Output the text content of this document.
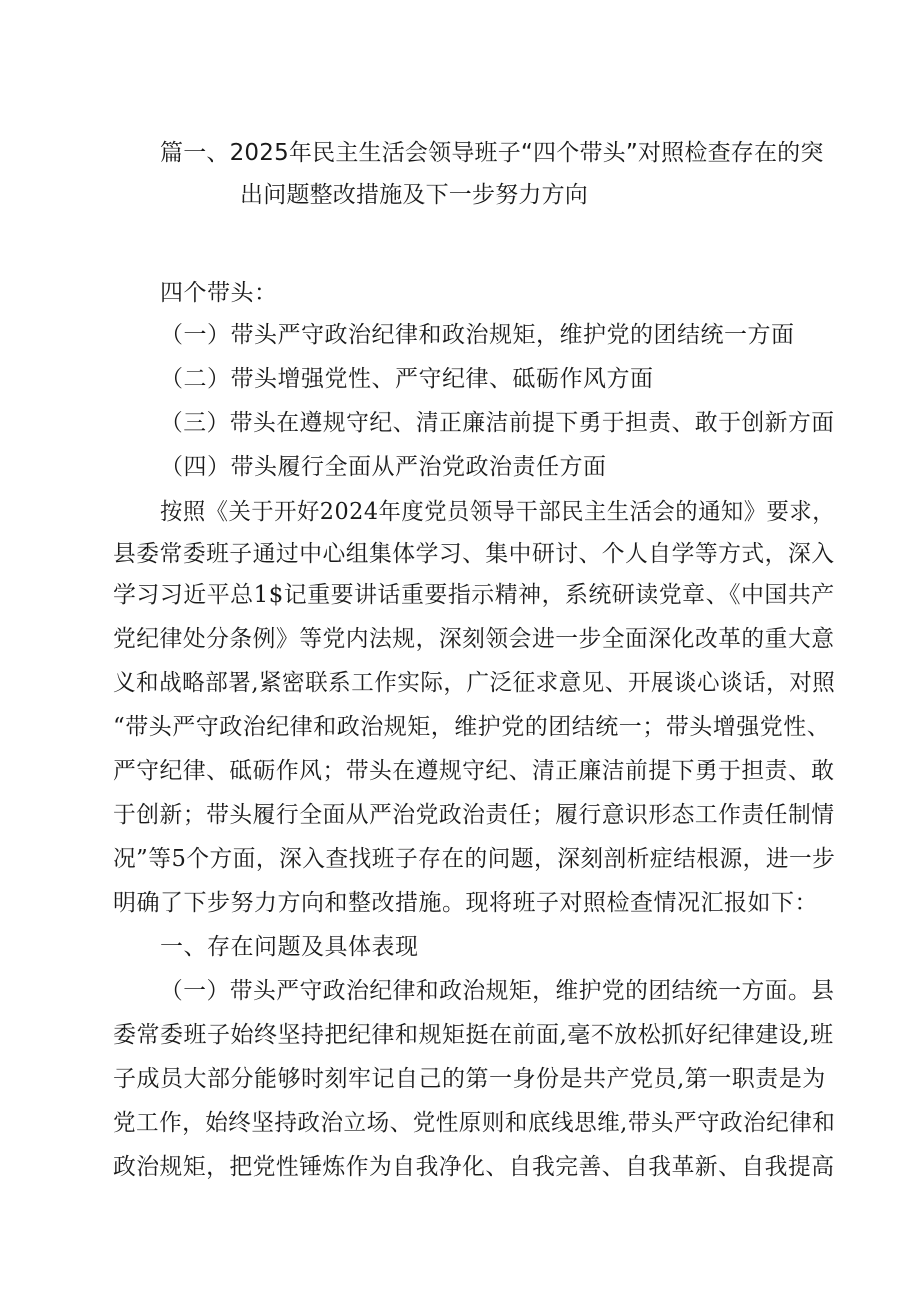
篇一、2025年民主生活会领导班子“四个带头”对照检查存在的突
出问题整改措施及下一步努力方向
四个带头：
（一）带头严守政治纪律和政治规矩，维护党的团结统一方面
（二）带头增强党性、严守纪律、砥砺作风方面
（三）带头在遵规守纪、清正廉洁前提下勇于担责、敢于创新方面
（四）带头履行全面从严治党政治责任方面
按照《关于开好2024年度党员领导干部民主生活会的通知》要求，
县委常委班子通过中心组集体学习、集中研讨、个人自学等方式，深入
学习习近平总1$记重要讲话重要指示精神，系统研读党章、《中国共产
党纪律处分条例》等党内法规，深刻领会进一步全面深化改革的重大意
义和战略部署,紧密联系工作实际，广泛征求意见、开展谈心谈话，对照
“带头严守政治纪律和政治规矩，维护党的团结统一；带头增强党性、
严守纪律、砥砺作风；带头在遵规守纪、清正廉洁前提下勇于担责、敢
于创新；带头履行全面从严治党政治责任；履行意识形态工作责任制情
况”等5个方面，深入查找班子存在的问题，深刻剖析症结根源，进一步
明确了下步努力方向和整改措施。现将班子对照检查情况汇报如下：
一、存在问题及具体表现
（一）带头严守政治纪律和政治规矩，维护党的团结统一方面。县
委常委班子始终坚持把纪律和规矩挺在前面,毫不放松抓好纪律建设,班
子成员大部分能够时刻牢记自己的第一身份是共产党员,第一职责是为
党工作，始终坚持政治立场、党性原则和底线思维,带头严守政治纪律和
政治规矩，把党性锤炼作为自我净化、自我完善、自我革新、自我提高
